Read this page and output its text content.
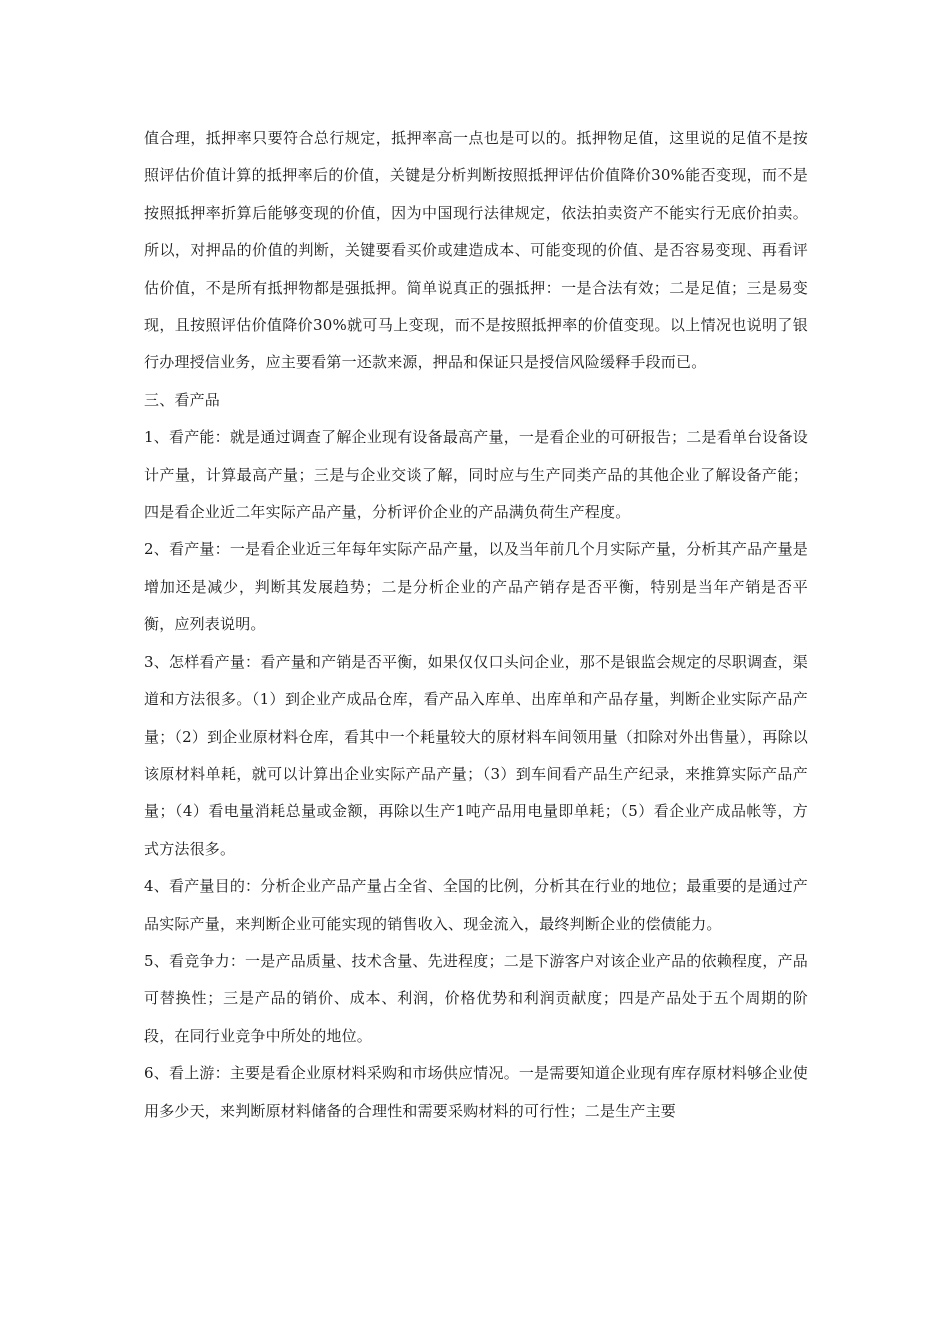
值合理，抵押率只要符合总行规定，抵押率高一点也是可以的。抵押物足值，这里说的足值不是按照评估价值计算的抵押率后的价值，关键是分析判断按照抵押评估价值降价30%能否变现，而不是按照抵押率折算后能够变现的价值，因为中国现行法律规定，依法拍卖资产不能实行无底价拍卖。所以，对押品的价值的判断，关键要看买价或建造成本、可能变现的价值、是否容易变现、再看评估价值，不是所有抵押物都是强抵押。简单说真正的强抵押：一是合法有效；二是足值；三是易变现，且按照评估价值降价30%就可马上变现，而不是按照抵押率的价值变现。以上情况也说明了银行办理授信业务，应主要看第一还款来源，押品和保证只是授信风险缓释手段而已。

三、看产品

1、看产能：就是通过调查了解企业现有设备最高产量，一是看企业的可研报告；二是看单台设备设计产量，计算最高产量；三是与企业交谈了解，同时应与生产同类产品的其他企业了解设备产能；四是看企业近二年实际产品产量，分析评价企业的产品满负荷生产程度。

2、看产量：一是看企业近三年每年实际产品产量，以及当年前几个月实际产量，分析其产品产量是增加还是减少，判断其发展趋势；二是分析企业的产品产销存是否平衡，特别是当年产销是否平衡，应列表说明。

3、怎样看产量：看产量和产销是否平衡，如果仅仅口头问企业，那不是银监会规定的尽职调查，渠道和方法很多。（1）到企业产成品仓库，看产品入库单、出库单和产品存量，判断企业实际产品产量；（2）到企业原材料仓库，看其中一个耗量较大的原材料车间领用量（扣除对外出售量），再除以该原材料单耗，就可以计算出企业实际产品产量；（3）到车间看产品生产纪录，来推算实际产品产量；（4）看电量消耗总量或金额，再除以生产1吨产品用电量即单耗；（5）看企业产成品帐等，方式方法很多。

4、看产量目的：分析企业产品产量占全省、全国的比例，分析其在行业的地位；最重要的是通过产品实际产量，来判断企业可能实现的销售收入、现金流入，最终判断企业的偿债能力。

5、看竞争力：一是产品质量、技术含量、先进程度；二是下游客户对该企业产品的依赖程度，产品可替换性；三是产品的销价、成本、利润，价格优势和利润贡献度；四是产品处于五个周期的阶段，在同行业竞争中所处的地位。

6、看上游：主要是看企业原材料采购和市场供应情况。一是需要知道企业现有库存原材料够企业使用多少天，来判断原材料储备的合理性和需要采购材料的可行性；二是生产主要
